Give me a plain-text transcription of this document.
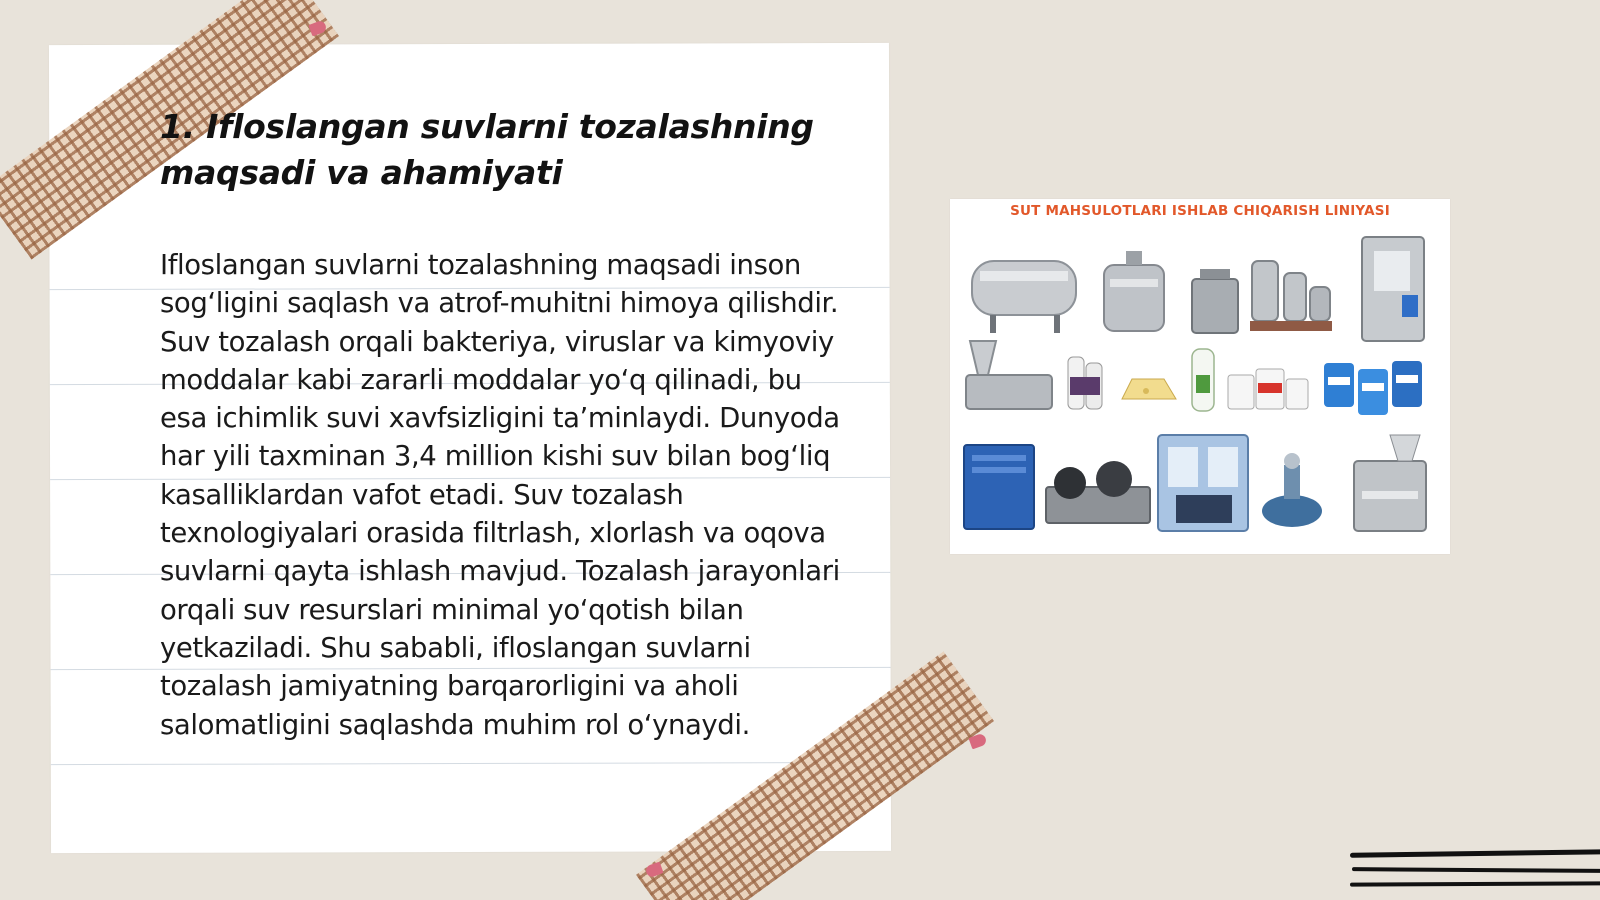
1. Ifloslangan suvlarni tozalashning maqsadi va ahamiyati

Ifloslangan suvlarni tozalashning maqsadi inson sog‘ligini saqlash va atrof-muhitni himoya qilishdir. Suv tozalash orqali bakteriya, viruslar va kimyoviy moddalar kabi zararli moddalar yo‘q qilinadi, bu esa ichimlik suvi xavfsizligini ta’minlaydi. Dunyoda har yili taxminan 3,4 million kishi suv bilan bog‘liq kasalliklardan vafot etadi. Suv tozalash texnologiyalari orasida filtrlash, xlorlash va oqova suvlarni qayta ishlash mavjud. Tozalash jarayonlari orqali suv resurslari minimal yo‘qotish bilan yetkaziladi. Shu sababli, ifloslangan suvlarni tozalash jamiyatning barqarorligini va aholi salomatligini saqlashda muhim rol o‘ynaydi.

SUT MAHSULOTLARI ISHLAB CHIQARISH LINIYASI
